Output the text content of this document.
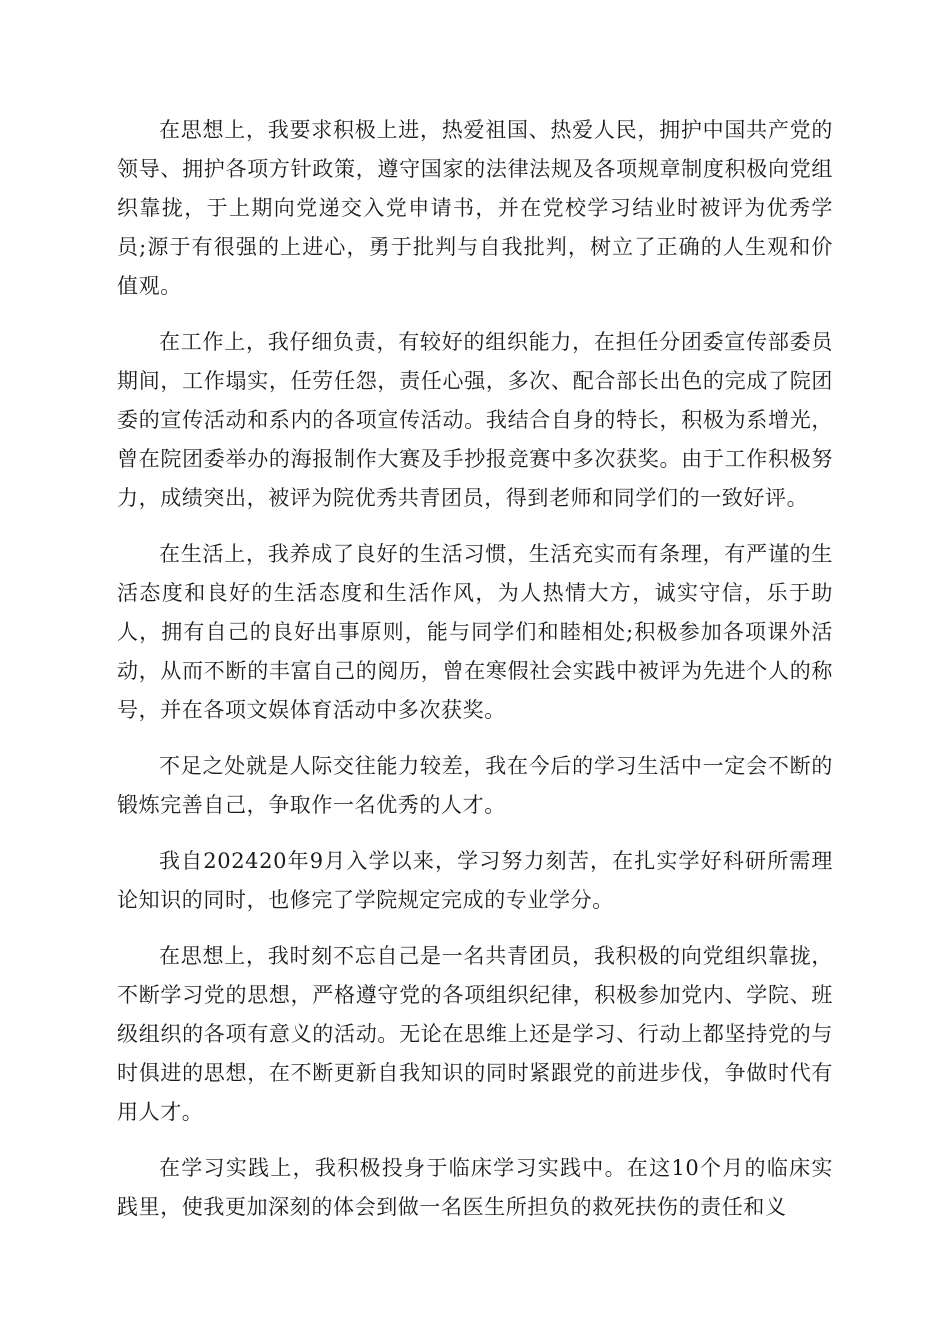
在思想上，我要求积极上进，热爱祖国、热爱人民，拥护中国共产党的领导、拥护各项方针政策，遵守国家的法律法规及各项规章制度积极向党组织靠拢，于上期向党递交入党申请书，并在党校学习结业时被评为优秀学员;源于有很强的上进心，勇于批判与自我批判，树立了正确的人生观和价值观。

在工作上，我仔细负责，有较好的组织能力，在担任分团委宣传部委员期间，工作塌实，任劳任怨，责任心强，多次、配合部长出色的完成了院团委的宣传活动和系内的各项宣传活动。我结合自身的特长，积极为系增光，曾在院团委举办的海报制作大赛及手抄报竞赛中多次获奖。由于工作积极努力，成绩突出，被评为院优秀共青团员，得到老师和同学们的一致好评。

在生活上，我养成了良好的生活习惯，生活充实而有条理，有严谨的生活态度和良好的生活态度和生活作风，为人热情大方，诚实守信，乐于助人，拥有自己的良好出事原则，能与同学们和睦相处;积极参加各项课外活动，从而不断的丰富自己的阅历，曾在寒假社会实践中被评为先进个人的称号，并在各项文娱体育活动中多次获奖。

不足之处就是人际交往能力较差，我在今后的学习生活中一定会不断的锻炼完善自己，争取作一名优秀的人才。

我自202420年9月入学以来，学习努力刻苦，在扎实学好科研所需理论知识的同时，也修完了学院规定完成的专业学分。

在思想上，我时刻不忘自己是一名共青团员，我积极的向党组织靠拢，不断学习党的思想，严格遵守党的各项组织纪律，积极参加党内、学院、班级组织的各项有意义的活动。无论在思维上还是学习、行动上都坚持党的与时俱进的思想，在不断更新自我知识的同时紧跟党的前进步伐，争做时代有用人才。

在学习实践上，我积极投身于临床学习实践中。在这10个月的临床实践里，使我更加深刻的体会到做一名医生所担负的救死扶伤的责任和义
